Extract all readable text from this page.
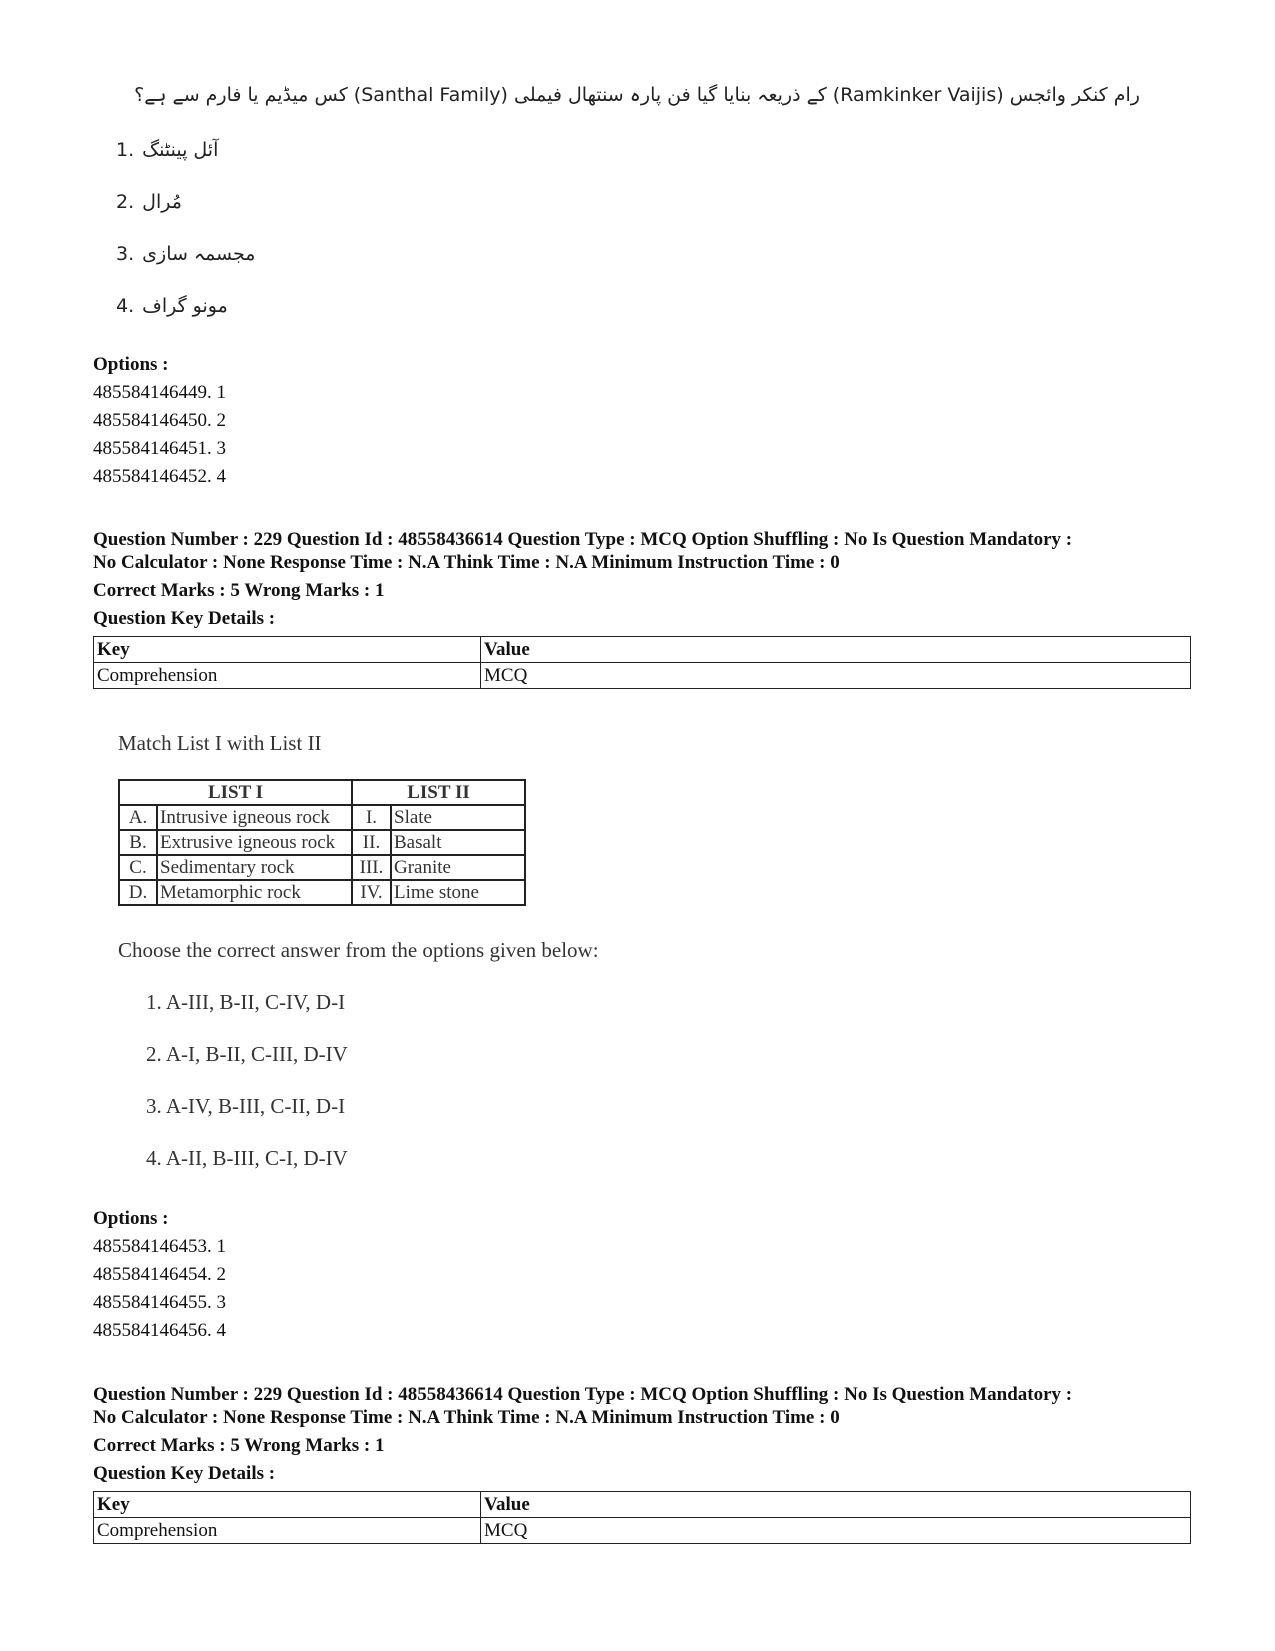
رام کنکر وائجس (Ramkinker Vaijis) کے ذریعہ بنایا گیا فن پارہ سنتھال فیملی (Santhal Family) کس میڈیم یا فارم سے ہے؟
1. آئل پینٹنگ
2. مُرال
3. مجسمہ سازی
4. مونو گراف
Options :
485584146449. 1
485584146450. 2
485584146451. 3
485584146452. 4
Question Number : 229 Question Id : 48558436614 Question Type : MCQ Option Shuffling : No Is Question Mandatory :
No Calculator : None Response Time : N.A Think Time : N.A Minimum Instruction Time : 0
Correct Marks : 5 Wrong Marks : 1
Question Key Details :
Key	Value
Comprehension	MCQ
Match List I with List II
LIST I		LIST II	
A.	Intrusive igneous rock	I.	Slate
B.	Extrusive igneous rock	II.	Basalt
C.	Sedimentary rock	III.	Granite
D.	Metamorphic rock	IV.	Lime stone
Choose the correct answer from the options given below:
1. A-III, B-II, C-IV, D-I
2. A-I, B-II, C-III, D-IV
3. A-IV, B-III, C-II, D-I
4. A-II, B-III, C-I, D-IV
Options :
485584146453. 1
485584146454. 2
485584146455. 3
485584146456. 4
Question Number : 229 Question Id : 48558436614 Question Type : MCQ Option Shuffling : No Is Question Mandatory :
No Calculator : None Response Time : N.A Think Time : N.A Minimum Instruction Time : 0
Correct Marks : 5 Wrong Marks : 1
Question Key Details :
Key	Value
Comprehension	MCQ
